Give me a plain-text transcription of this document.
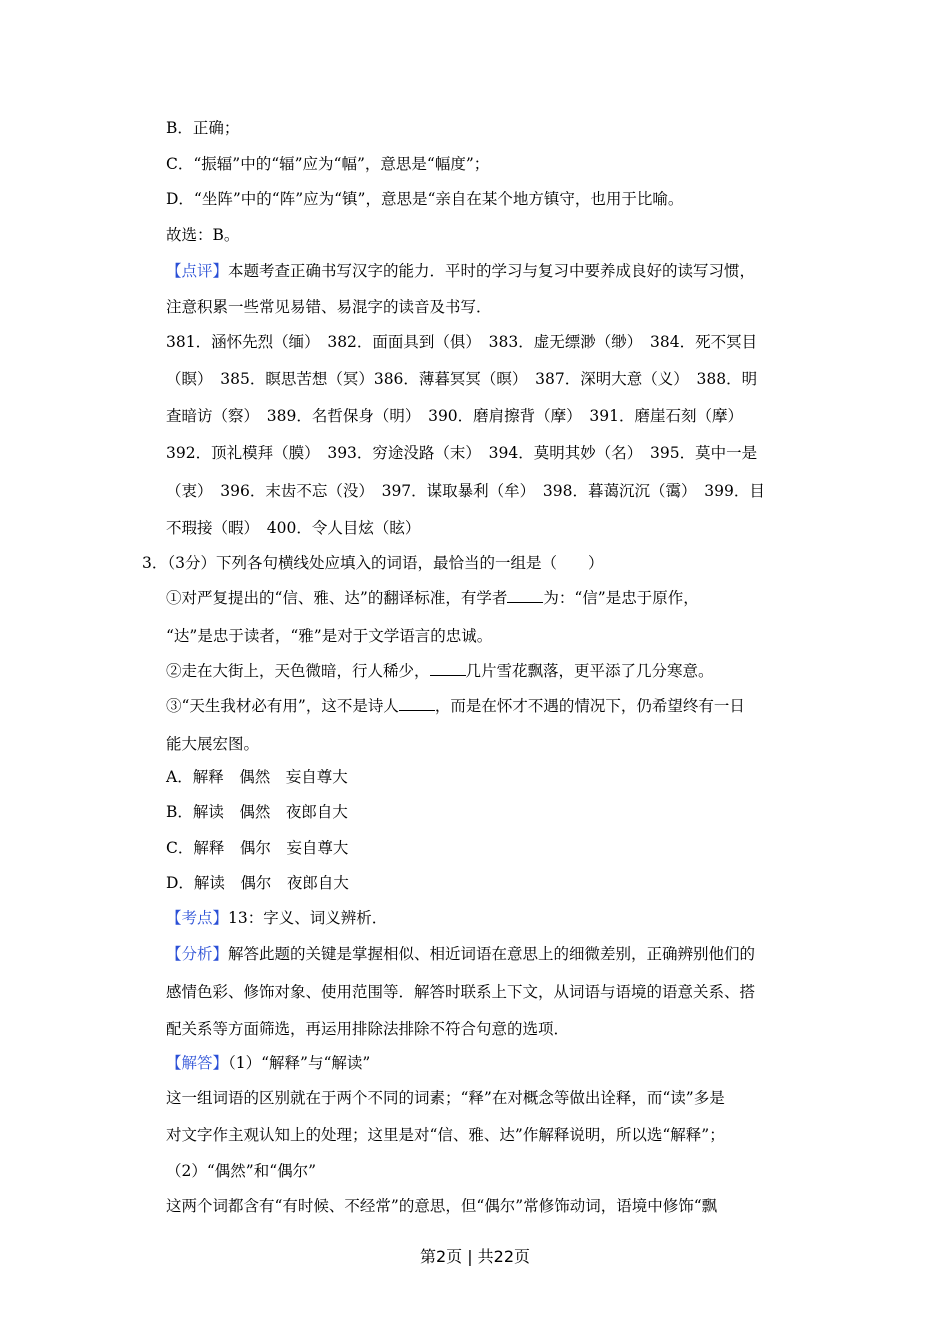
B．正确；
C．“振辐”中的“辐”应为“幅”，意思是“幅度”；
D．“坐阵”中的“阵”应为“镇”，意思是“亲自在某个地方镇守，也用于比喻。
故选：B。
【点评】本题考查正确书写汉字的能力．平时的学习与复习中要养成良好的读写习惯，
注意积累一些常见易错、易混字的读音及书写．
381．涵怀先烈（缅）　382．面面具到（俱）　383．虚无缥渺（缈）　384．死不冥目
（瞑）　385．瞑思苦想（冥）386．薄暮冥冥（暝）　387．深明大意（义）　388．明
查暗访（察）　389．名哲保身（明）　390．磨肩擦背（摩）　391．磨崖石刻（摩）
392．顶礼模拜（膜）　393．穷途没路（末）　394．莫明其妙（名）　395．莫中一是
（衷）　396．末齿不忘（没）　397．谋取暴利（牟）　398．暮蔼沉沉（霭）　399．目
不瑕接（暇）　400．令人目炫（眩）
3．（3分）下列各句横线处应填入的词语，最恰当的一组是（　　）
①对严复提出的“信、雅、达”的翻译标准，有学者 为：“信”是忠于原作，
“达”是忠于读者，“雅”是对于文学语言的忠诚。
②走在大街上，天色微暗，行人稀少， 几片雪花飘落，更平添了几分寒意。
③“天生我材必有用”，这不是诗人 ，而是在怀才不遇的情况下，仍希望终有一日
能大展宏图。
A．解释　偶然　妄自尊大
B．解读　偶然　夜郎自大
C．解释　偶尔　妄自尊大
D．解读　偶尔　夜郎自大
【考点】13：字义、词义辨析．
【分析】解答此题的关键是掌握相似、相近词语在意思上的细微差别，正确辨别他们的
感情色彩、修饰对象、使用范围等．解答时联系上下文，从词语与语境的语意关系、搭
配关系等方面筛选，再运用排除法排除不符合句意的选项．
【解答】（1）“解释”与“解读”
这一组词语的区别就在于两个不同的词素；“释”在对概念等做出诠释，而“读”多是
对文字作主观认知上的处理；这里是对“信、雅、达”作解释说明，所以选“解释”；
（2）“偶然”和“偶尔”
这两个词都含有“有时候、不经常”的意思，但“偶尔”常修饰动词，语境中修饰“飘
第2页 | 共22页
